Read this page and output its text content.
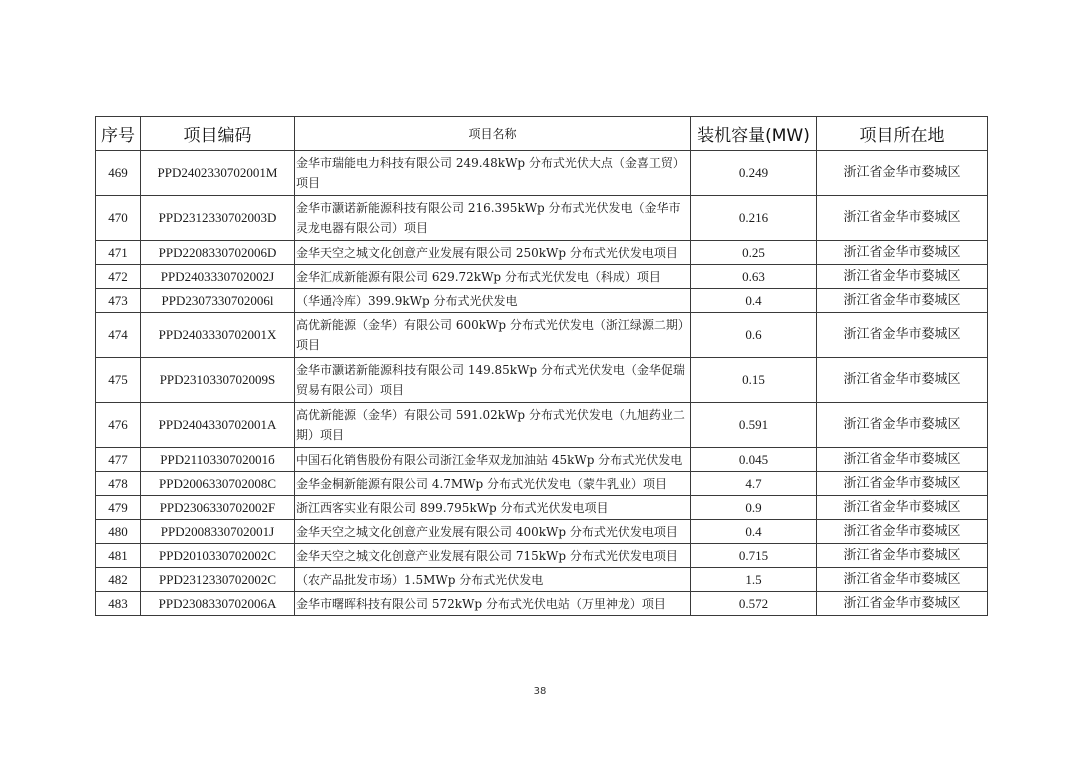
序号	项目编码	项目名称	装机容量(MW)	项目所在地
469	PPD2402330702001M	金华市瑞能电力科技有限公司 249.48kWp 分布式光伏大点（金喜工贸）项目	0.249	浙江省金华市婺城区
470	PPD2312330702003D	金华市灏诺新能源科技有限公司 216.395kWp 分布式光伏发电（金华市灵龙电器有限公司）项目	0.216	浙江省金华市婺城区
471	PPD2208330702006D	金华天空之城文化创意产业发展有限公司 250kWp 分布式光伏发电项目	0.25	浙江省金华市婺城区
472	PPD2403330702002J	金华汇成新能源有限公司 629.72kWp 分布式光伏发电（科成）项目	0.63	浙江省金华市婺城区
473	PPD2307330702006l	（华通冷库）399.9kWp 分布式光伏发电	0.4	浙江省金华市婺城区
474	PPD2403330702001X	高优新能源（金华）有限公司 600kWp 分布式光伏发电（浙江绿源二期）项目	0.6	浙江省金华市婺城区
475	PPD2310330702009S	金华市灏诺新能源科技有限公司 149.85kWp 分布式光伏发电（金华促瑞贸易有限公司）项目	0.15	浙江省金华市婺城区
476	PPD2404330702001A	高优新能源（金华）有限公司 591.02kWp 分布式光伏发电（九旭药业二期）项目	0.591	浙江省金华市婺城区
477	PPD2110330702001б	中国石化销售股份有限公司浙江金华双龙加油站 45kWp 分布式光伏发电	0.045	浙江省金华市婺城区
478	PPD2006330702008C	金华金桐新能源有限公司 4.7MWp 分布式光伏发电（蒙牛乳业）项目	4.7	浙江省金华市婺城区
479	PPD2306330702002F	浙江西客实业有限公司 899.795kWp 分布式光伏发电项目	0.9	浙江省金华市婺城区
480	PPD2008330702001J	金华天空之城文化创意产业发展有限公司 400kWp 分布式光伏发电项目	0.4	浙江省金华市婺城区
481	PPD2010330702002C	金华天空之城文化创意产业发展有限公司 715kWp 分布式光伏发电项目	0.715	浙江省金华市婺城区
482	PPD2312330702002C	（农产品批发市场）1.5MWp 分布式光伏发电	1.5	浙江省金华市婺城区
483	PPD2308330702006A	金华市曙晖科技有限公司 572kWp 分布式光伏电站（万里神龙）项目	0.572	浙江省金华市婺城区
38
